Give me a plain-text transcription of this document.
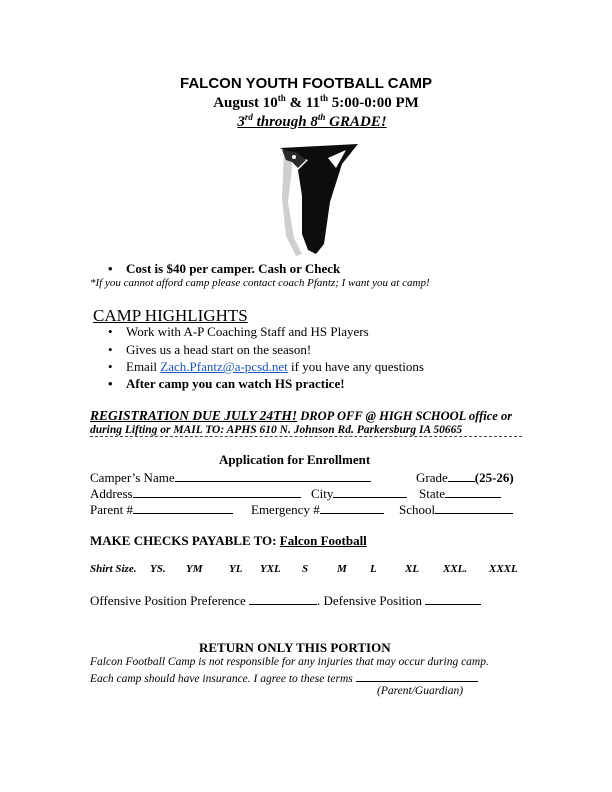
FALCON YOUTH FOOTBALL CAMP
August 10th & 11th 5:00-0:00 PM
3rd through 8th GRADE!
• Cost is $40 per camper. Cash or Check
*If you cannot afford camp please contact coach Pfantz; I want you at camp!
CAMP HIGHLIGHTS
• Work with A-P Coaching Staff and HS Players
• Gives us a head start on the season!
• Email Zach.Pfantz@a-pcsd.net if you have any questions
• After camp you can watch HS practice!
REGISTRATION DUE JULY 24TH! DROP OFF @ HIGH SCHOOL office or
during Lifting or MAIL TO: APHS 610 N. Johnson Rd. Parkersburg IA 50665
Application for Enrollment
Camper’s Name	Grade (25-26)
Address	City	State
Parent #	Emergency #	School
MAKE CHECKS PAYABLE TO: Falcon Football
Shirt Size. YS. YM YL YXL S	M L	XL XXL. XXXL
Offensive Position Preference	. Defensive Position
RETURN ONLY THIS PORTION
Falcon Football Camp is not responsible for any injuries that may occur during camp.
Each camp should have insurance. I agree to these terms
(Parent/Guardian)
